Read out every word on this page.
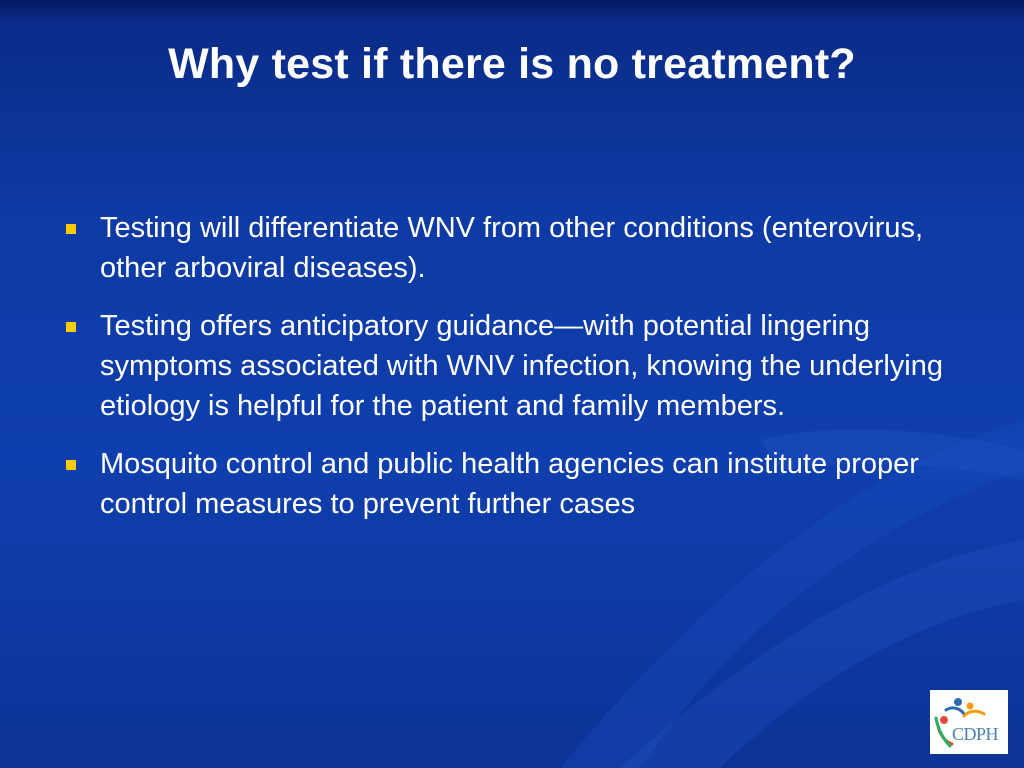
Why test if there is no treatment?
Testing will differentiate WNV from other conditions (enterovirus, other arboviral diseases).
Testing offers anticipatory guidance—with potential lingering symptoms associated with WNV infection, knowing the underlying etiology is helpful for the patient and family members.
Mosquito control and public health agencies can institute proper control measures to prevent further cases
CDPH
